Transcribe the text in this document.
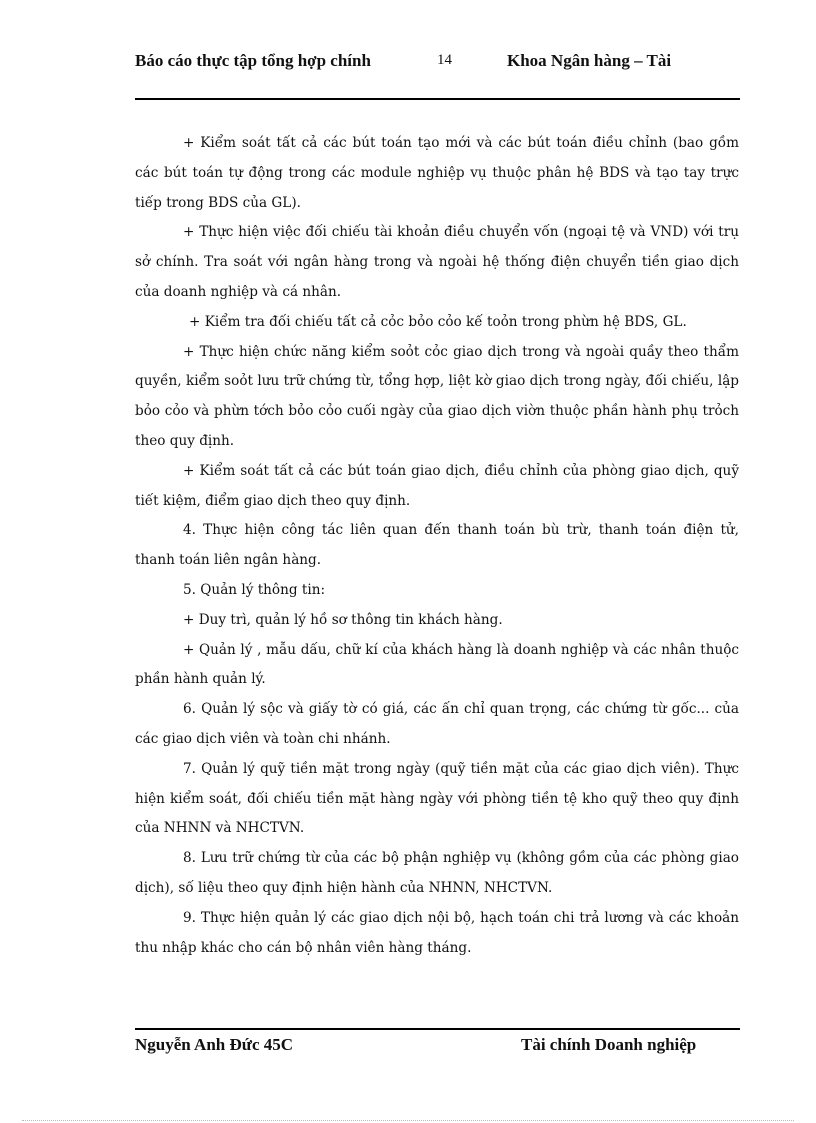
Báo cáo thực tập tổng hợp chính	14	Khoa Ngân hàng – Tài

+ Kiểm soát tất cả các bút toán tạo mới và các bút toán điều chỉnh (bao gồm các bút toán tự động trong các module nghiệp vụ thuộc phân hệ BDS và tạo tay trực tiếp trong BDS của GL).

+ Thực hiện việc đối chiếu tài khoản điều chuyển vốn (ngoại tệ và VND) với trụ sở chính. Tra soát với ngân hàng trong và ngoài hệ thống điện chuyển tiền giao dịch của doanh nghiệp và cá nhân.

+ Kiểm tra đối chiếu tất cả cỏc bỏo cỏo kế toỏn trong phừn hệ BDS, GL.

+ Thực hiện chức năng kiểm soỏt cỏc giao dịch trong và ngoài quầy theo thẩm quyền, kiểm soỏt lưu trữ chứng từ, tổng hợp, liệt kờ giao dịch trong ngày, đối chiếu, lập bỏo cỏo và phừn tớch bỏo cỏo cuối ngày của giao dịch viờn thuộc phần hành phụ trỏch theo quy định.

+ Kiểm soát tất cả các bút toán giao dịch, điều chỉnh của phòng giao dịch, quỹ tiết kiệm, điểm giao dịch theo quy định.

4. Thực hiện công tác liên quan đến thanh toán bù trừ, thanh toán điện tử, thanh toán liên ngân hàng.

5. Quản lý thông tin:

+ Duy trì, quản lý hồ sơ thông tin khách hàng.

+ Quản lý , mẫu dấu, chữ kí của khách hàng là doanh nghiệp và các nhân thuộc phần hành quản lý.

6. Quản lý sộc và giấy tờ có giá, các ấn chỉ quan trọng, các chứng từ gốc... của các giao dịch viên và toàn chi nhánh.

7. Quản lý quỹ tiền mặt trong ngày (quỹ tiền mặt của các giao dịch viên). Thực hiện kiểm soát, đối chiếu tiền mặt hàng ngày với phòng tiền tệ kho quỹ theo quy định của NHNN và NHCTVN.

8. Lưu trữ chứng từ của các bộ phận nghiệp vụ (không gồm của các phòng giao dịch), số liệu theo quy định hiện hành của NHNN, NHCTVN.

9. Thực hiện quản lý các giao dịch nội bộ, hạch toán chi trả lương và các khoản thu nhập khác cho cán bộ nhân viên hàng tháng.

Nguyễn Anh Đức 45C	Tài chính Doanh nghiệp
